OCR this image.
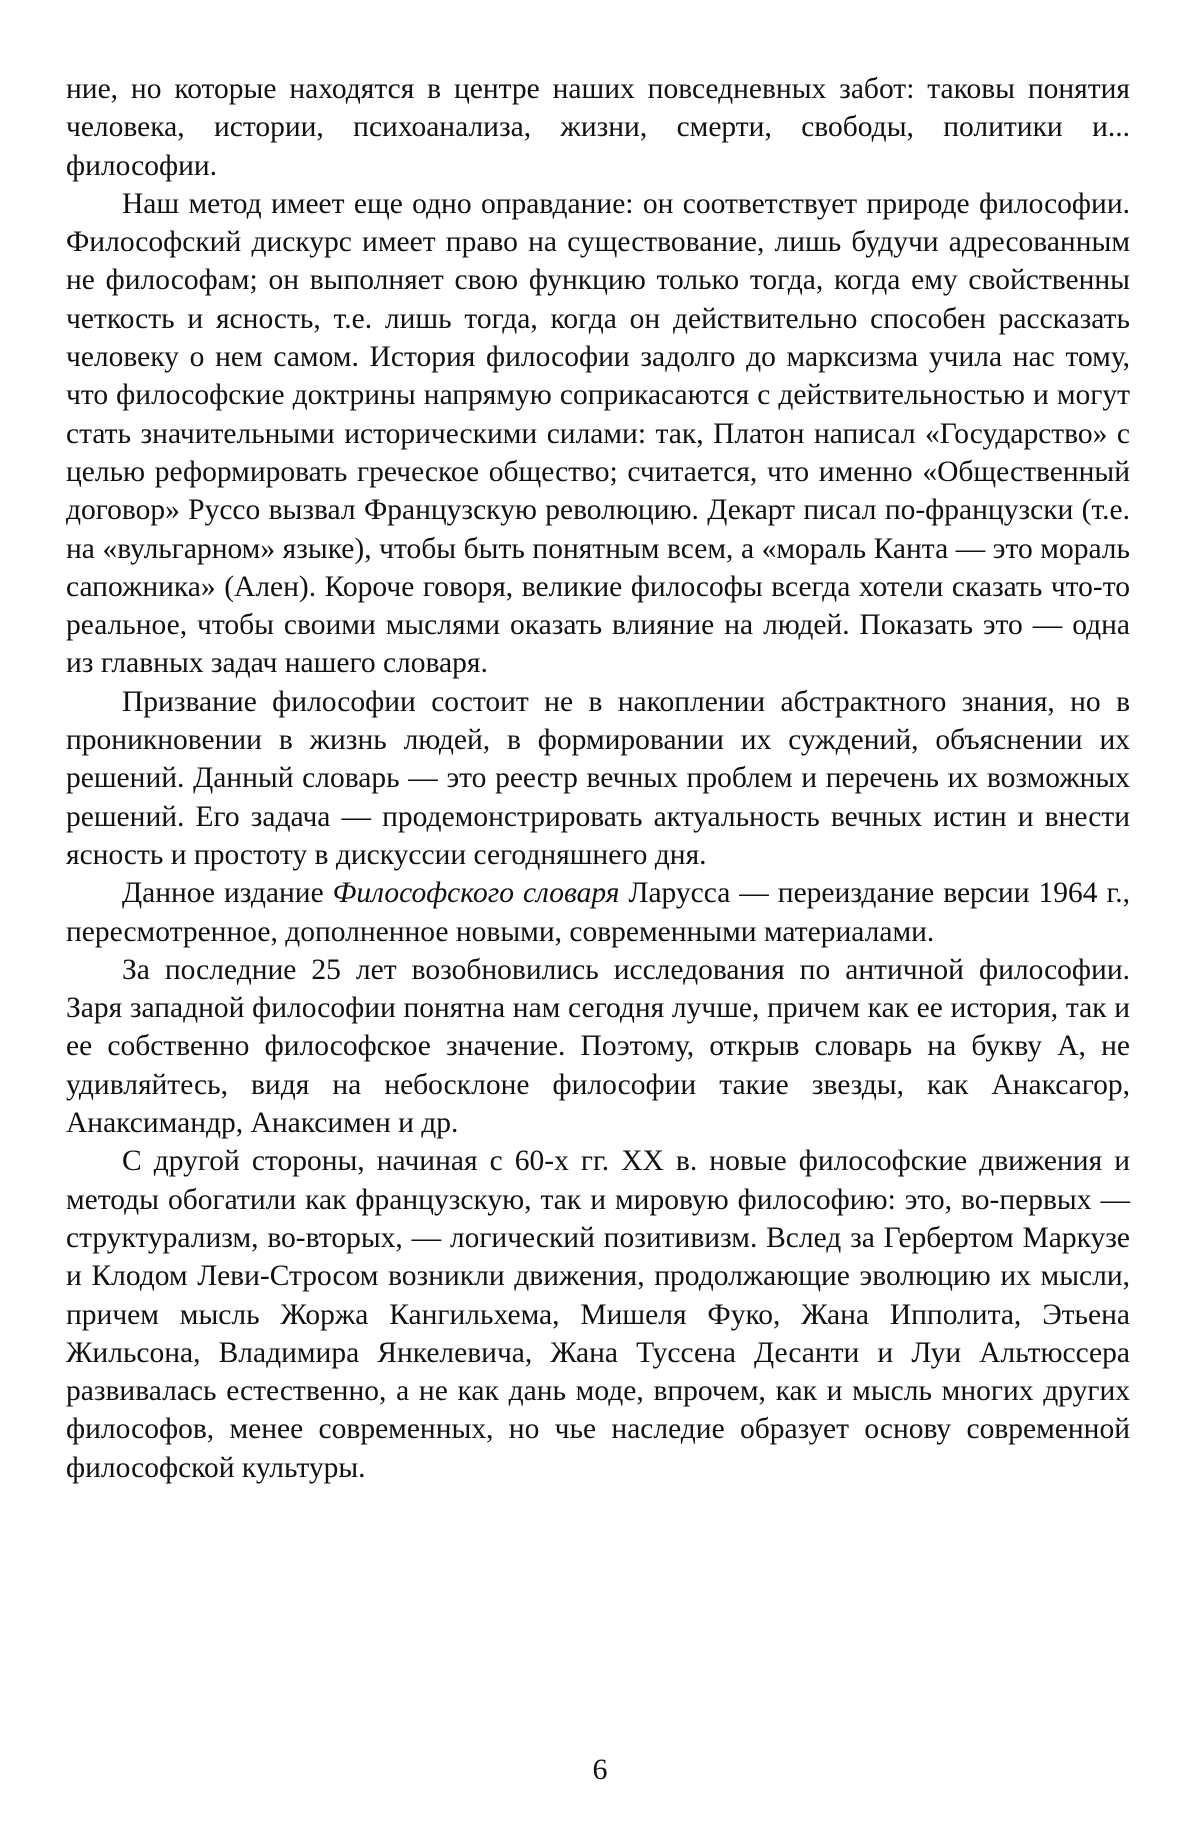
ние, но которые находятся в центре наших повседневных забот: таковы понятия человека, истории, психоанализа, жизни, смерти, свободы, политики и... философии.

Наш метод имеет еще одно оправдание: он соответствует природе философии. Философский дискурс имеет право на существование, лишь будучи адресованным не философам; он выполняет свою функцию только тогда, когда ему свойственны четкость и ясность, т.е. лишь тогда, когда он действительно способен рассказать человеку о нем самом. История философии задолго до марксизма учила нас тому, что философские доктрины напрямую соприкасаются с действительностью и могут стать значительными историческими силами: так, Платон написал «Государство» с целью реформировать греческое общество; считается, что именно «Общественный договор» Руссо вызвал Французскую революцию. Декарт писал по-французски (т.е. на «вульгарном» языке), чтобы быть понятным всем, а «мораль Канта — это мораль сапожника» (Ален). Короче говоря, великие философы всегда хотели сказать что-то реальное, чтобы своими мыслями оказать влияние на людей. Показать это — одна из главных задач нашего словаря.

Призвание философии состоит не в накоплении абстрактного знания, но в проникновении в жизнь людей, в формировании их суждений, объяснении их решений. Данный словарь — это реестр вечных проблем и перечень их возможных решений. Его задача — продемонстрировать актуальность вечных истин и внести ясность и простоту в дискуссии сегодняшнего дня.

Данное издание Философского словаря Ларусса — переиздание версии 1964 г., пересмотренное, дополненное новыми, современными материалами.

За последние 25 лет возобновились исследования по античной философии. Заря западной философии понятна нам сегодня лучше, причем как ее история, так и ее собственно философское значение. Поэтому, открыв словарь на букву А, не удивляйтесь, видя на небосклоне философии такие звезды, как Анаксагор, Анаксимандр, Анаксимен и др.

С другой стороны, начиная с 60-х гг. XX в. новые философские движения и методы обогатили как французскую, так и мировую философию: это, во-первых — структурализм, во-вторых, — логический позитивизм. Вслед за Гербертом Маркузе и Клодом Леви-Стросом возникли движения, продолжающие эволюцию их мысли, причем мысль Жоржа Кангильхема, Мишеля Фуко, Жана Ипполита, Этьена Жильсона, Владимира Янкелевича, Жана Туссена Десанти и Луи Альтюссера развивалась естественно, а не как дань моде, впрочем, как и мысль многих других философов, менее современных, но чье наследие образует основу современной философской культуры.

6
